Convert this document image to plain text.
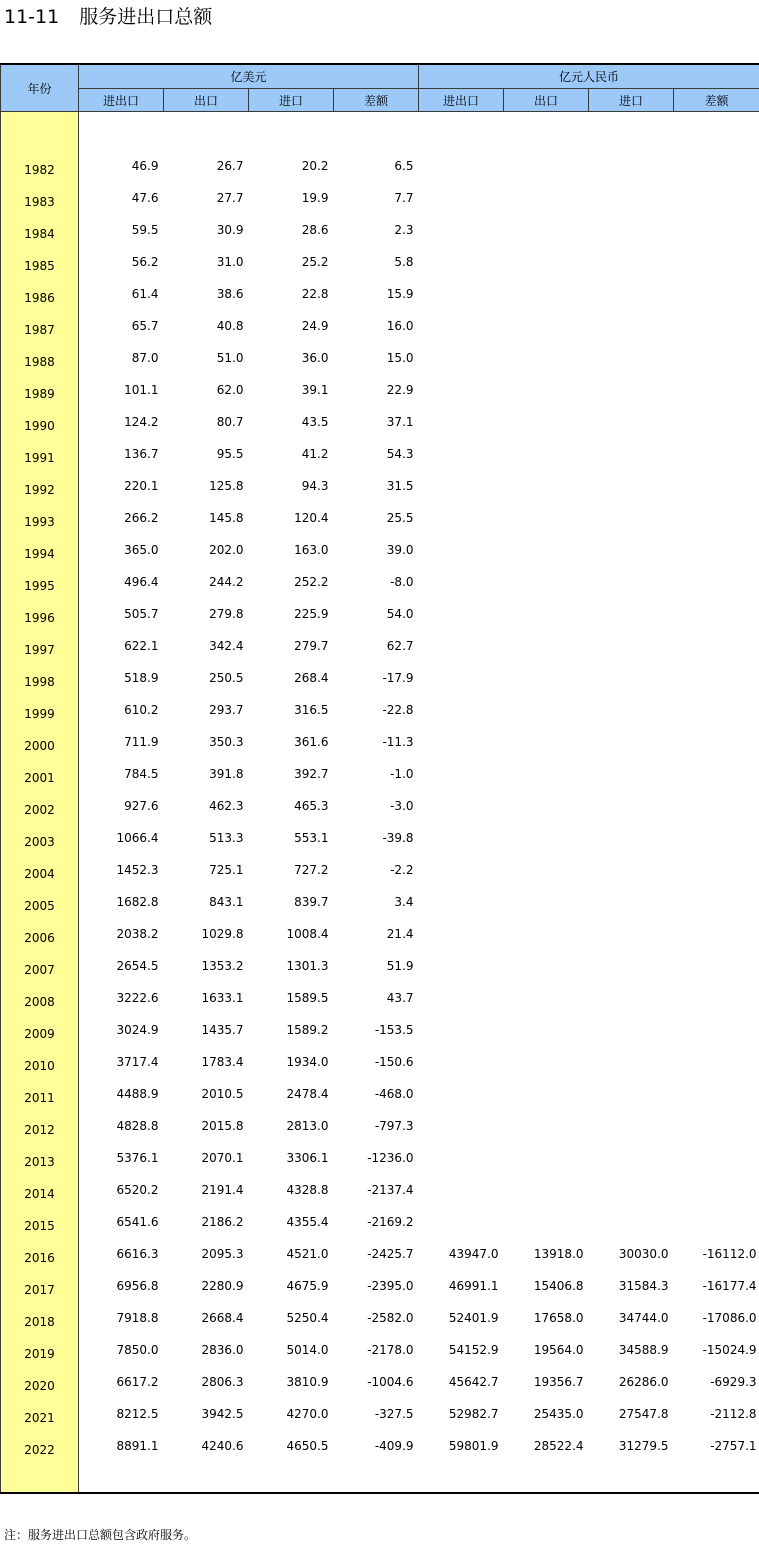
11-11 服务进出口总额
年份	亿美元				亿元人民币			
	进出口	出口	进口	差额	进出口	出口	进口	差额

1982	46.9	26.7	20.2	6.5				
1983	47.6	27.7	19.9	7.7				
1984	59.5	30.9	28.6	2.3				
1985	56.2	31.0	25.2	5.8				
1986	61.4	38.6	22.8	15.9				
1987	65.7	40.8	24.9	16.0				
1988	87.0	51.0	36.0	15.0				
1989	101.1	62.0	39.1	22.9				
1990	124.2	80.7	43.5	37.1				
1991	136.7	95.5	41.2	54.3				
1992	220.1	125.8	94.3	31.5				
1993	266.2	145.8	120.4	25.5				
1994	365.0	202.0	163.0	39.0				
1995	496.4	244.2	252.2	-8.0				
1996	505.7	279.8	225.9	54.0				
1997	622.1	342.4	279.7	62.7				
1998	518.9	250.5	268.4	-17.9				
1999	610.2	293.7	316.5	-22.8				
2000	711.9	350.3	361.6	-11.3				
2001	784.5	391.8	392.7	-1.0				
2002	927.6	462.3	465.3	-3.0				
2003	1066.4	513.3	553.1	-39.8				
2004	1452.3	725.1	727.2	-2.2				
2005	1682.8	843.1	839.7	3.4				
2006	2038.2	1029.8	1008.4	21.4				
2007	2654.5	1353.2	1301.3	51.9				
2008	3222.6	1633.1	1589.5	43.7				
2009	3024.9	1435.7	1589.2	-153.5				
2010	3717.4	1783.4	1934.0	-150.6				
2011	4488.9	2010.5	2478.4	-468.0				
2012	4828.8	2015.8	2813.0	-797.3				
2013	5376.1	2070.1	3306.1	-1236.0				
2014	6520.2	2191.4	4328.8	-2137.4				
2015	6541.6	2186.2	4355.4	-2169.2				
2016	6616.3	2095.3	4521.0	-2425.7	43947.0	13918.0	30030.0	-16112.0
2017	6956.8	2280.9	4675.9	-2395.0	46991.1	15406.8	31584.3	-16177.4
2018	7918.8	2668.4	5250.4	-2582.0	52401.9	17658.0	34744.0	-17086.0
2019	7850.0	2836.0	5014.0	-2178.0	54152.9	19564.0	34588.9	-15024.9
2020	6617.2	2806.3	3810.9	-1004.6	45642.7	19356.7	26286.0	-6929.3
2021	8212.5	3942.5	4270.0	-327.5	52982.7	25435.0	27547.8	-2112.8
2022	8891.1	4240.6	4650.5	-409.9	59801.9	28522.4	31279.5	-2757.1

注：服务进出口总额包含政府服务。
